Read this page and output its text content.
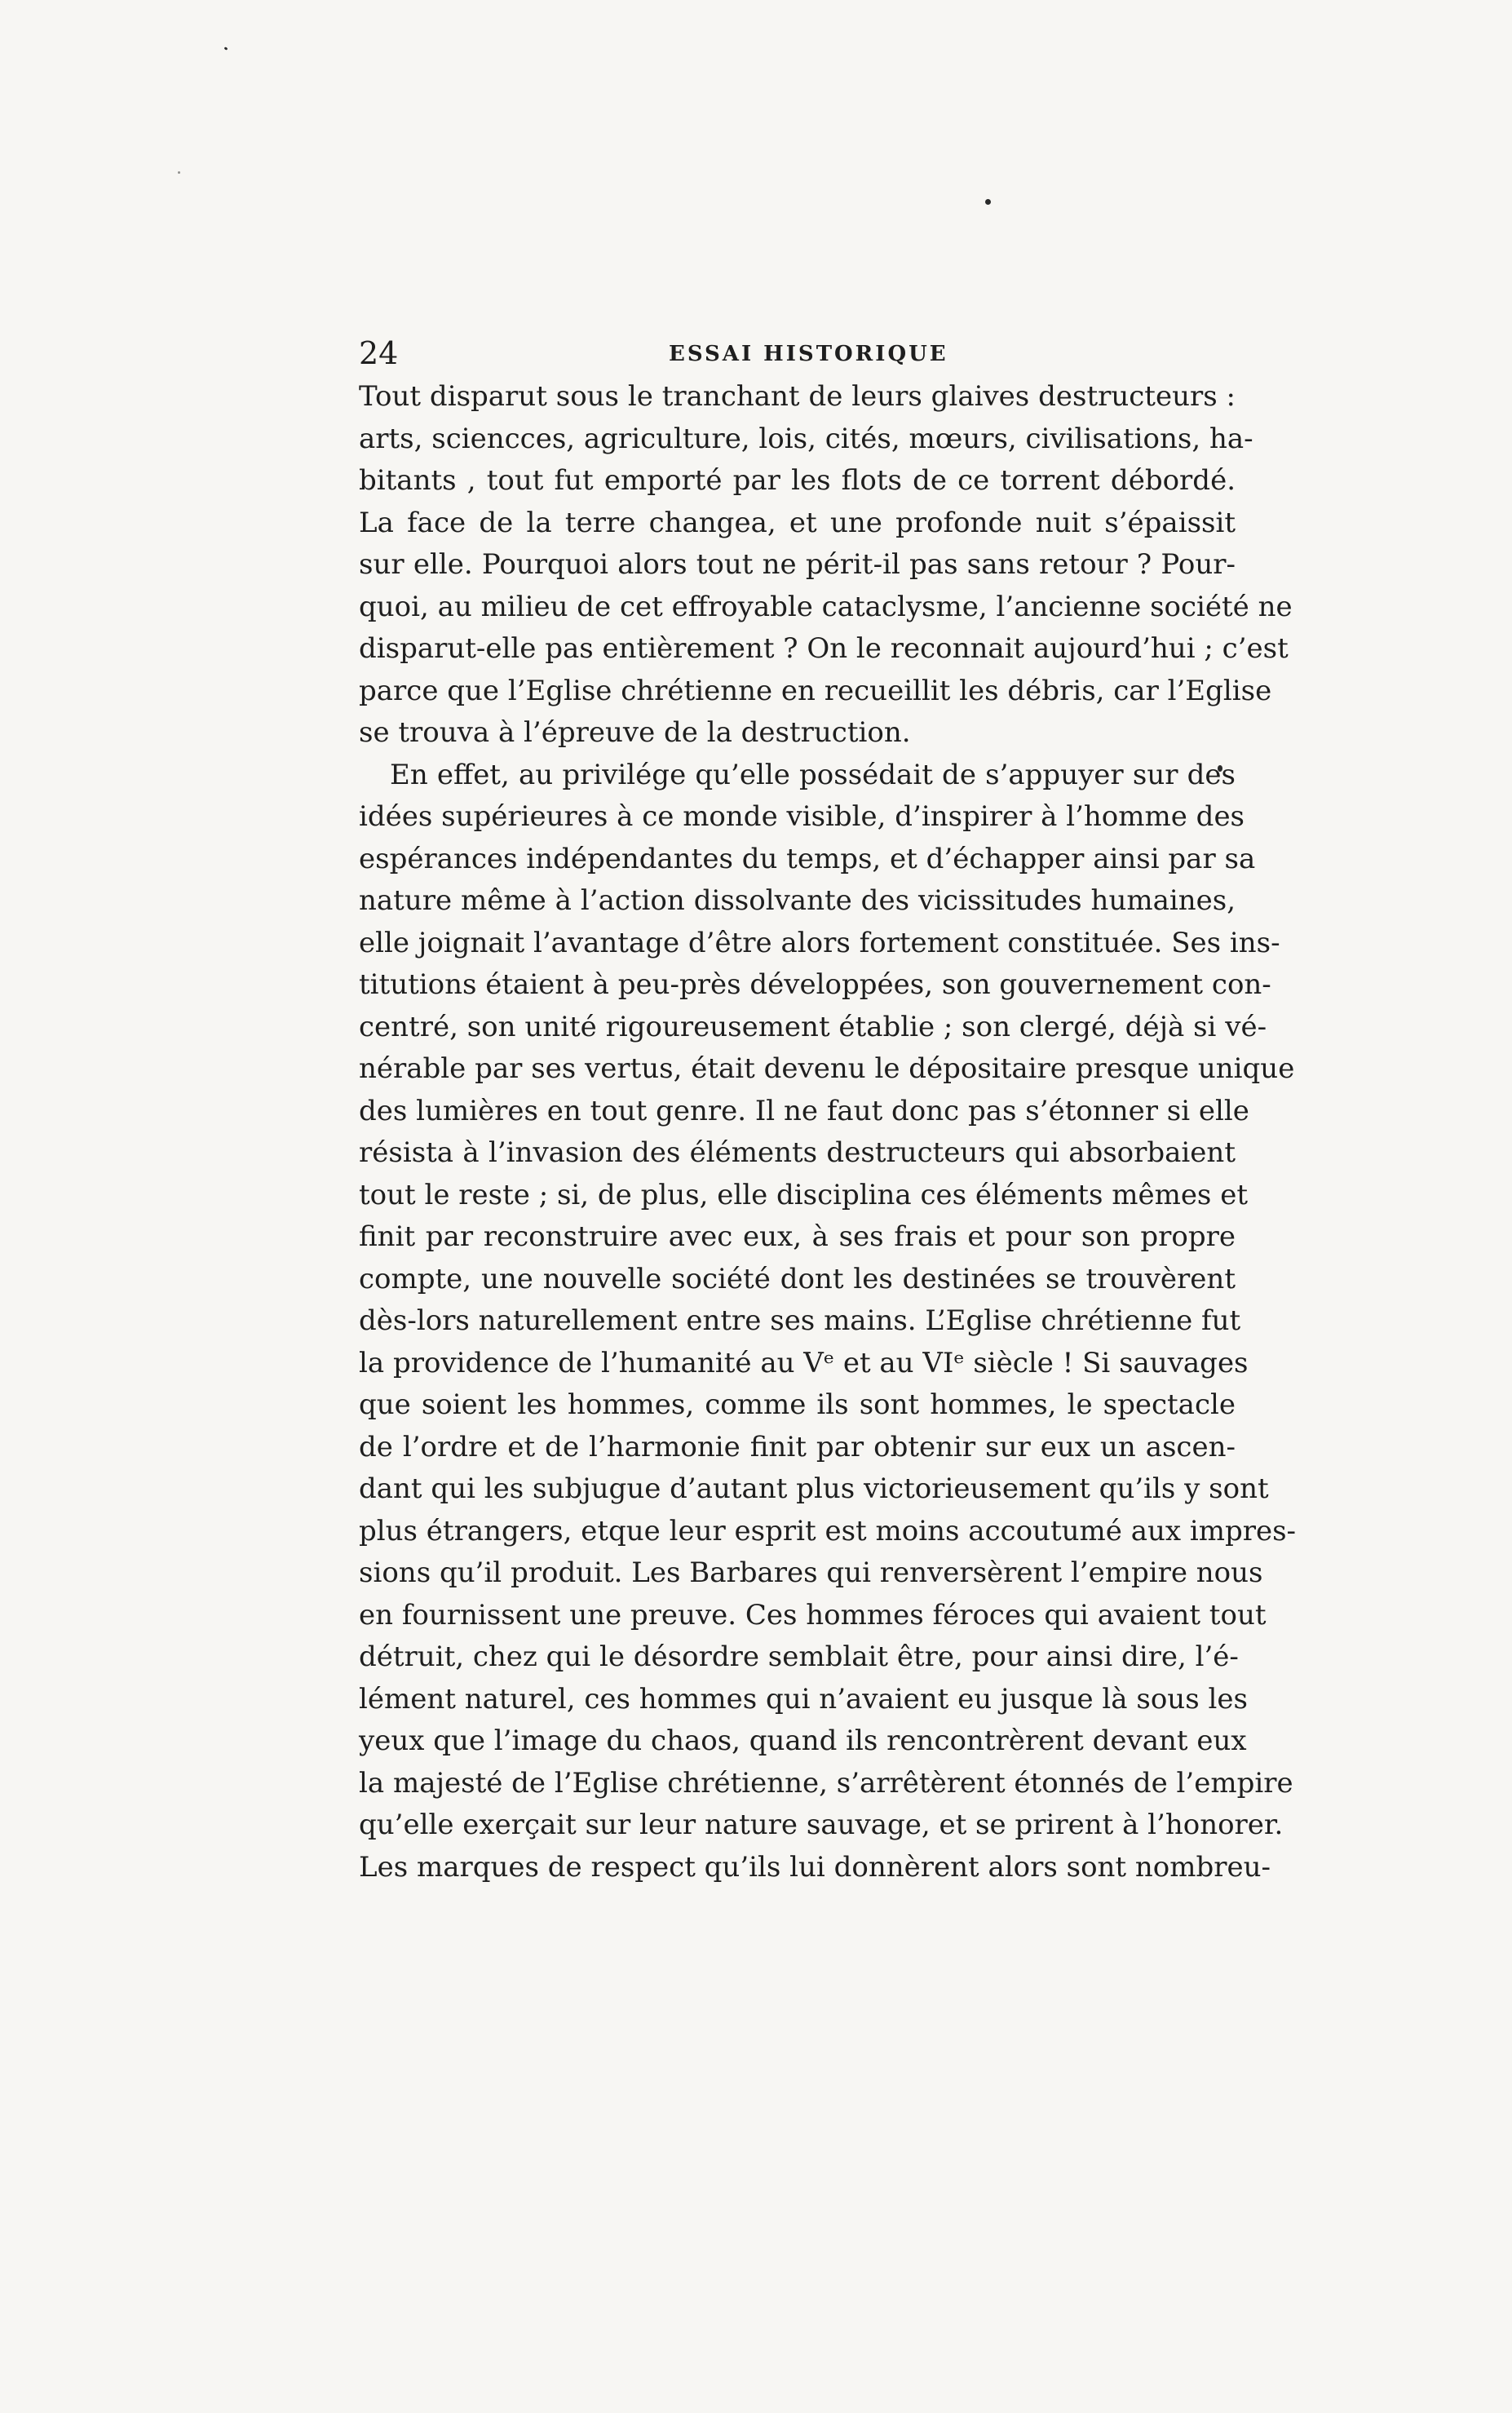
24	ESSAI HISTORIQUE
Tout disparut sous le tranchant de leurs glaives destructeurs :
arts, sciencces, agriculture, lois, cités, mœurs, civilisations, ha-
bitants , tout fut emporté par les flots de ce torrent débordé.
La face de la terre changea, et une profonde nuit s’épaissit
sur elle. Pourquoi alors tout ne périt-il pas sans retour ? Pour-
quoi, au milieu de cet effroyable cataclysme, l’ancienne société ne
disparut-elle pas entièrement ? On le reconnait aujourd’hui ; c’est
parce que l’Eglise chrétienne en recueillit les débris, car l’Eglise
se trouva à l’épreuve de la destruction.
En effet, au privilége qu’elle possédait de s’appuyer sur des
idées supérieures à ce monde visible, d’inspirer à l’homme des
espérances indépendantes du temps, et d’échapper ainsi par sa
nature même à l’action dissolvante des vicissitudes humaines,
elle joignait l’avantage d’être alors fortement constituée. Ses ins-
titutions étaient à peu-près développées, son gouvernement con-
centré, son unité rigoureusement établie ; son clergé, déjà si vé-
nérable par ses vertus, était devenu le dépositaire presque unique
des lumières en tout genre. Il ne faut donc pas s’étonner si elle
résista à l’invasion des éléments destructeurs qui absorbaient
tout le reste ; si, de plus, elle disciplina ces éléments mêmes et
finit par reconstruire avec eux, à ses frais et pour son propre
compte, une nouvelle société dont les destinées se trouvèrent
dès-lors naturellement entre ses mains. L’Eglise chrétienne fut
la providence de l’humanité au Vᵉ et au VIᵉ siècle ! Si sauvages
que soient les hommes, comme ils sont hommes, le spectacle
de l’ordre et de l’harmonie finit par obtenir sur eux un ascen-
dant qui les subjugue d’autant plus victorieusement qu’ils y sont
plus étrangers, etque leur esprit est moins accoutumé aux impres-
sions qu’il produit. Les Barbares qui renversèrent l’empire nous
en fournissent une preuve. Ces hommes féroces qui avaient tout
détruit, chez qui le désordre semblait être, pour ainsi dire, l’é-
lément naturel, ces hommes qui n’avaient eu jusque là sous les
yeux que l’image du chaos, quand ils rencontrèrent devant eux
la majesté de l’Eglise chrétienne, s’arrêtèrent étonnés de l’empire
qu’elle exerçait sur leur nature sauvage, et se prirent à l’honorer.
Les marques de respect qu’ils lui donnèrent alors sont nombreu-
